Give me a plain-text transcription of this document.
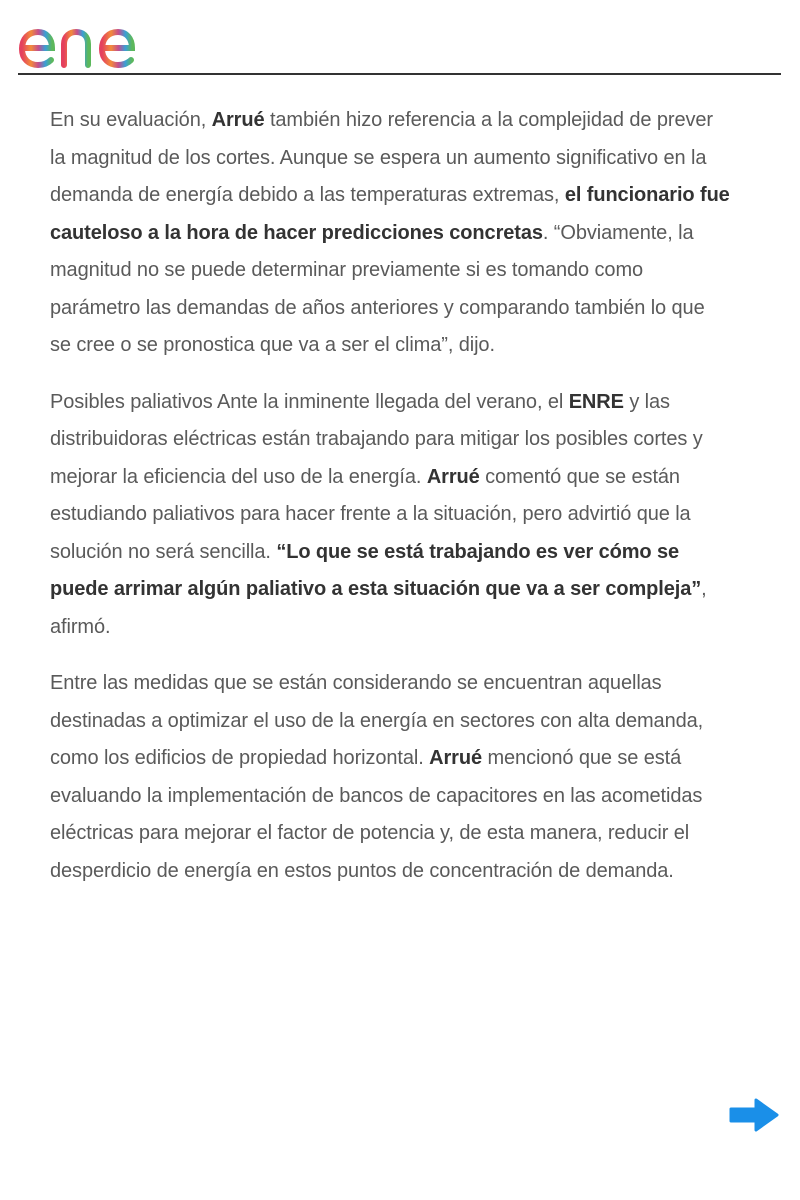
En su evaluación, Arrué también hizo referencia a la complejidad de prever la magnitud de los cortes. Aunque se espera un aumento significativo en la demanda de energía debido a las temperaturas extremas, el funcionario fue cauteloso a la hora de hacer predicciones concretas. “Obviamente, la magnitud no se puede determinar previamente si es tomando como parámetro las demandas de años anteriores y comparando también lo que se cree o se pronostica que va a ser el clima”, dijo.

Posibles paliativos Ante la inminente llegada del verano, el ENRE y las distribuidoras eléctricas están trabajando para mitigar los posibles cortes y mejorar la eficiencia del uso de la energía. Arrué comentó que se están estudiando paliativos para hacer frente a la situación, pero advirtió que la solución no será sencilla. “Lo que se está trabajando es ver cómo se puede arrimar algún paliativo a esta situación que va a ser compleja”, afirmó.

Entre las medidas que se están considerando se encuentran aquellas destinadas a optimizar el uso de la energía en sectores con alta demanda, como los edificios de propiedad horizontal. Arrué mencionó que se está evaluando la implementación de bancos de capacitores en las acometidas eléctricas para mejorar el factor de potencia y, de esta manera, reducir el desperdicio de energía en estos puntos de concentración de demanda.
